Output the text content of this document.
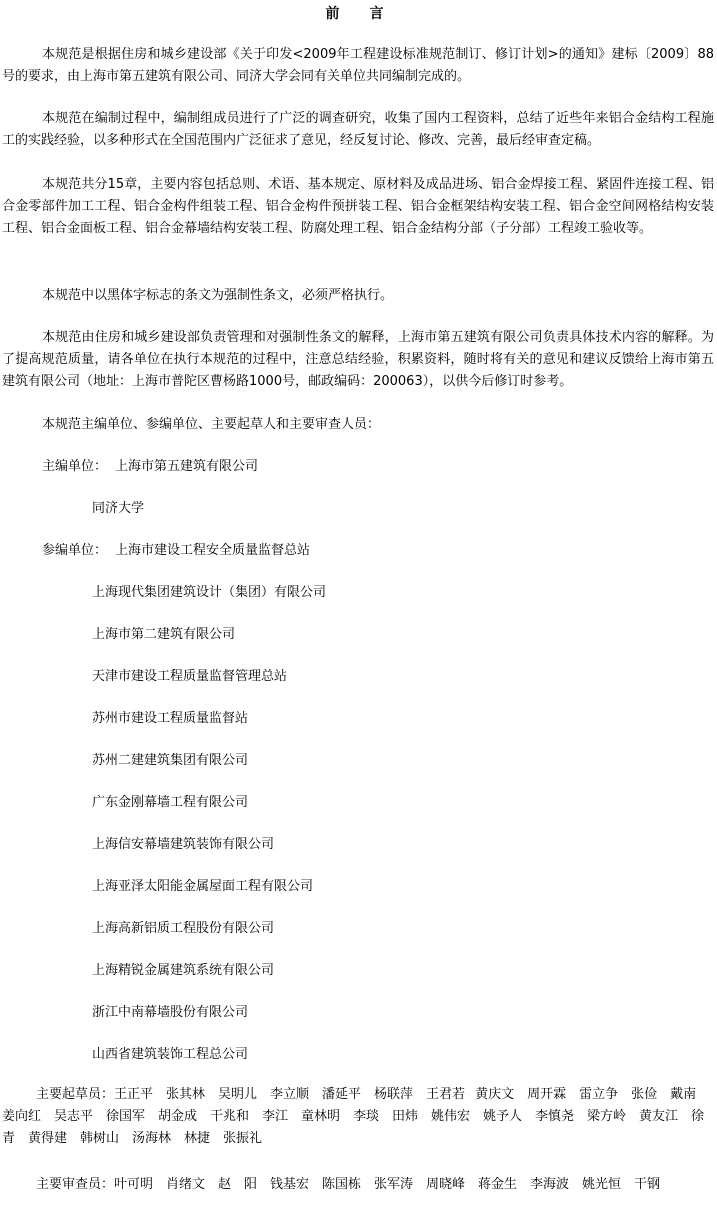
前　言

本规范是根据住房和城乡建设部《关于印发<2009年工程建设标准规范制订、修订计划>的通知》建标〔2009〕88号的要求，由上海市第五建筑有限公司、同济大学会同有关单位共同编制完成的。

本规范在编制过程中，编制组成员进行了广泛的调查研究，收集了国内工程资料，总结了近些年来铝合金结构工程施工的实践经验，以多种形式在全国范围内广泛征求了意见，经反复讨论、修改、完善，最后经审查定稿。

本规范共分15章，主要内容包括总则、术语、基本规定、原材料及成品进场、铝合金焊接工程、紧固件连接工程、铝合金零部件加工工程、铝合金构件组装工程、铝合金构件预拼装工程、铝合金框架结构安装工程、铝合金空间网格结构安装工程、铝合金面板工程、铝合金幕墙结构安装工程、防腐处理工程、铝合金结构分部（子分部）工程竣工验收等。

本规范中以黑体字标志的条文为强制性条文，必须严格执行。

本规范由住房和城乡建设部负责管理和对强制性条文的解释，上海市第五建筑有限公司负责具体技术内容的解释。为了提高规范质量，请各单位在执行本规范的过程中，注意总结经验，积累资料，随时将有关的意见和建议反馈给上海市第五建筑有限公司（地址：上海市普陀区曹杨路1000号，邮政编码：200063），以供今后修订时参考。

本规范主编单位、参编单位、主要起草人和主要审查人员：
主编单位： 上海市第五建筑有限公司
同济大学
参编单位： 上海市建设工程安全质量监督总站
上海现代集团建筑设计（集团）有限公司
上海市第二建筑有限公司
天津市建设工程质量监督管理总站
苏州市建设工程质量监督站
苏州二建建筑集团有限公司
广东金刚幕墙工程有限公司
上海信安幕墙建筑装饰有限公司
上海亚泽太阳能金属屋面工程有限公司
上海高新铝质工程股份有限公司
上海精锐金属建筑系统有限公司
浙江中南幕墙股份有限公司
山西省建筑装饰工程总公司

主要起草员：王正平　张其林　吴明儿　李立顺　潘延平　杨联萍　王君若 黄庆文　周开霖　雷立争　张俭　戴南　姜向红　吴志平　徐国军　胡金成　干兆和　李江　童林明　李琰　田炜　姚伟宏　姚予人　李慎尧　梁方岭　黄友江　徐青　黄得建　韩树山　汤海林　林捷　张振礼

主要审查员：叶可明　肖绪文　赵　阳　钱基宏　陈国栋　张军涛　周晓峰　蒋金生　李海波　姚光恒　干钢
